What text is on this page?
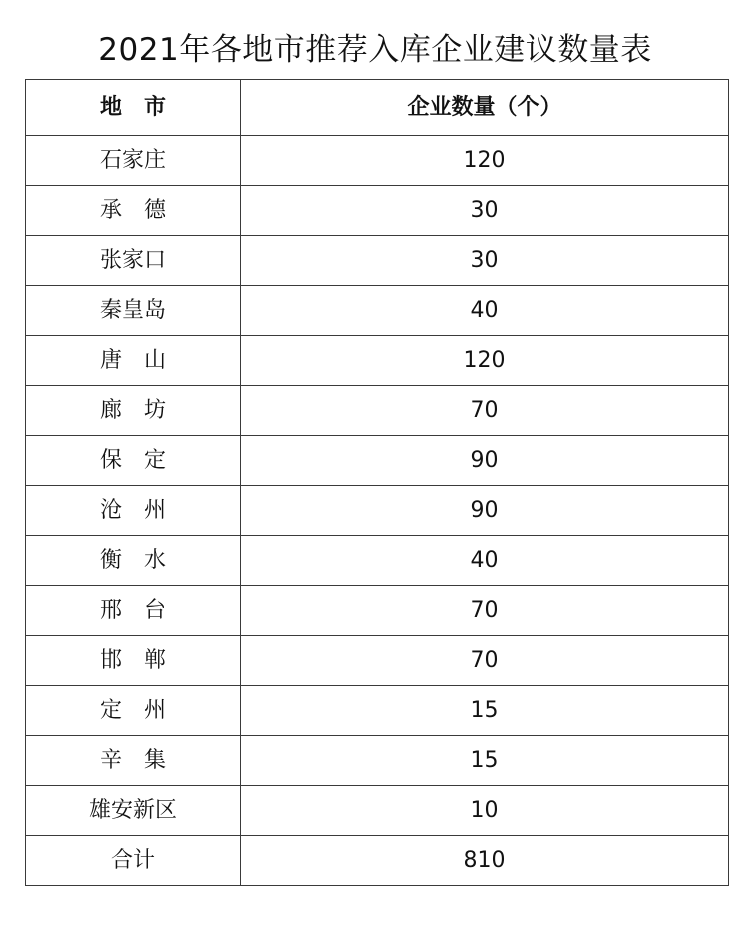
2021年各地市推荐入库企业建议数量表
地　市	企业数量（个）
石家庄	120
承　德	30
张家口	30
秦皇岛	40
唐　山	120
廊　坊	70
保　定	90
沧　州	90
衡　水	40
邢　台	70
邯　郸	70
定　州	15
辛　集	15
雄安新区	10
合计	810
